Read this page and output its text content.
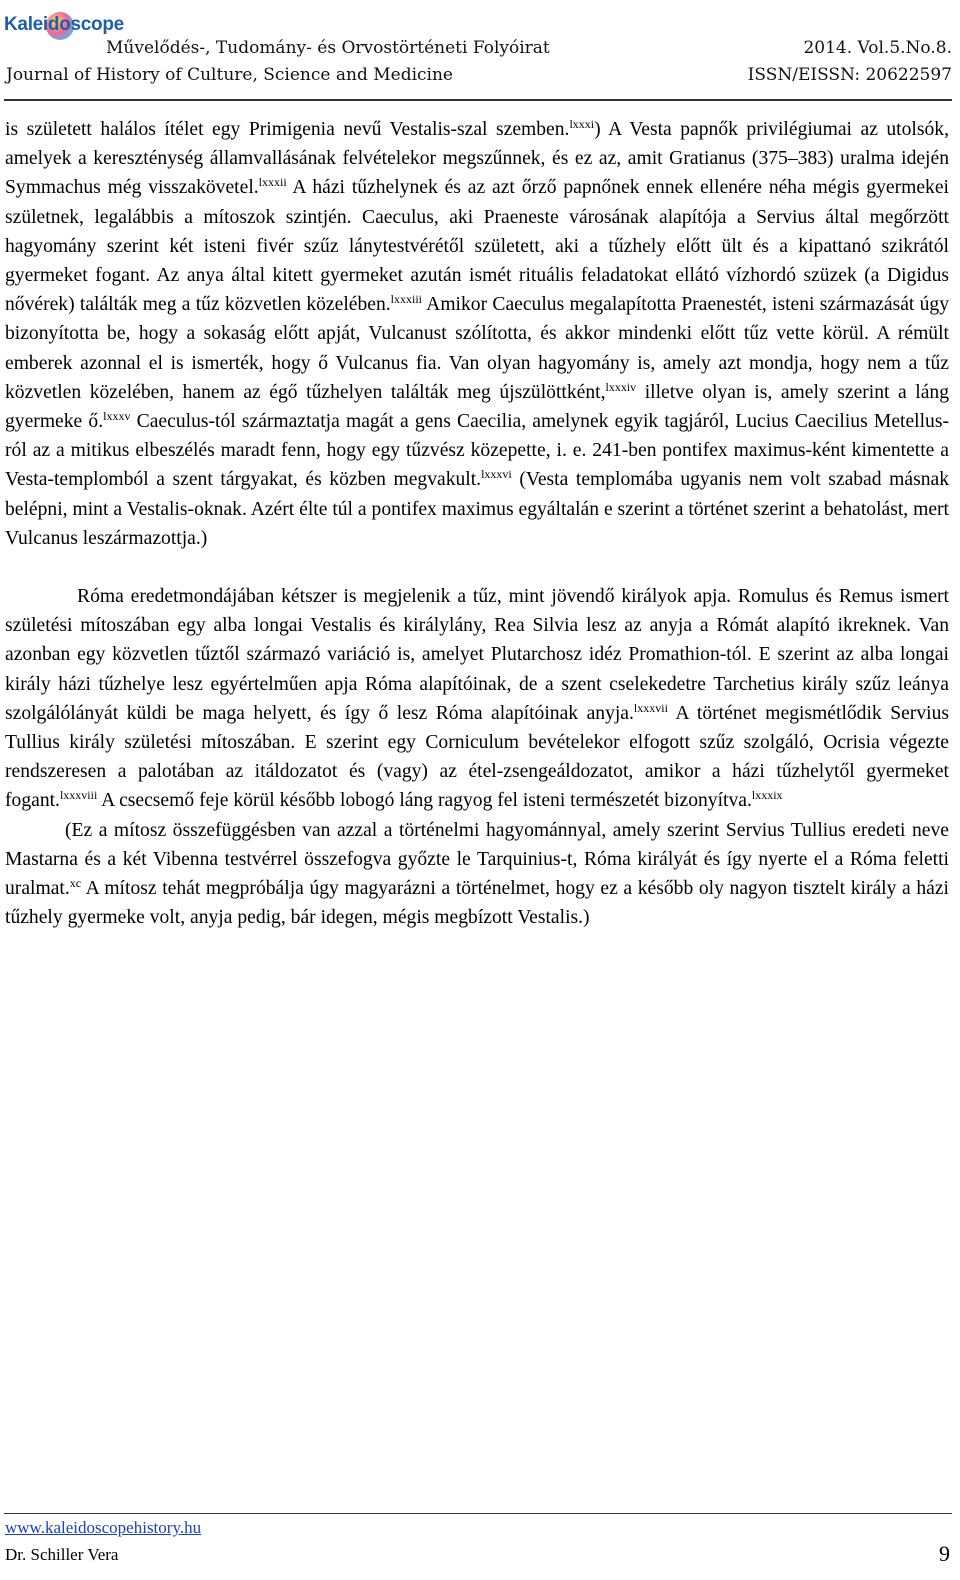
Kaleidoscope
Művelődés-, Tudomány- és Orvostörténeti Folyóirat
Journal of History of Culture, Science and Medicine
2014. Vol.5.No.8.
ISSN/EISSN: 20622597

is született halálos ítélet egy Primigenia nevű Vestalis-szal szemben.$^{lxxxi}$) A Vesta papnők privilégiumai az utolsók, amelyek a kereszténység államvallásának felvételekor megszűnnek, és ez az, amit Gratianus (375–383) uralma idején Symmachus még visszakövetel.$^{lxxxii}$ A házi tűzhelynek és az azt őrző papnőnek ennek ellenére néha mégis gyermekei születnek, legalábbis a mítoszok szintjén. Caeculus, aki Praeneste városának alapítója a Servius által megőrzött hagyomány szerint két isteni fivér szűz lánytestvérétől született, aki a tűzhely előtt ült és a kipattanó szikrától gyermeket fogant. Az anya által kitett gyermeket azután ismét rituális feladatokat ellátó vízhordó szüzek (a Digidus nővérek) találták meg a tűz közvetlen közelében.$^{lxxxiii}$ Amikor Caeculus megalapította Praenestét, isteni származását úgy bizonyította be, hogy a sokaság előtt apját, Vulcanust szólította, és akkor mindenki előtt tűz vette körül. A rémült emberek azonnal el is ismerték, hogy ő Vulcanus fia. Van olyan hagyomány is, amely azt mondja, hogy nem a tűz közvetlen közelében, hanem az égő tűzhelyen találták meg újszülöttként,$^{lxxxiv}$ illetve olyan is, amely szerint a láng gyermeke ő.$^{lxxxv}$ Caeculus-tól származtatja magát a gens Caecilia, amelynek egyik tagjáról, Lucius Caecilius Metellus-ról az a mitikus elbeszélés maradt fenn, hogy egy tűzvész közepette, i. e. 241-ben pontifex maximus-ként kimentette a Vesta-templomból a szent tárgyakat, és közben megvakult.$^{lxxxvi}$ (Vesta templomába ugyanis nem volt szabad másnak belépni, mint a Vestalis-oknak. Azért élte túl a pontifex maximus egyáltalán e szerint a történet szerint a behatolást, mert Vulcanus leszármazottja.)

Róma eredetmondájában kétszer is megjelenik a tűz, mint jövendő királyok apja. Romulus és Remus ismert születési mítoszában egy alba longai Vestalis és királylány, Rea Silvia lesz az anyja a Rómát alapító ikreknek. Van azonban egy közvetlen tűztől származó variáció is, amelyet Plutarchosz idéz Promathion-tól. E szerint az alba longai király házi tűzhelye lesz egyértelműen apja Róma alapítóinak, de a szent cselekedetre Tarchetius király szűz leánya szolgálólányát küldi be maga helyett, és így ő lesz Róma alapítóinak anyja.$^{lxxxvii}$ A történet megismétlődik Servius Tullius király születési mítoszában. E szerint egy Corniculum bevételekor elfogott szűz szolgáló, Ocrisia végezte rendszeresen a palotában az itáldozatot és (vagy) az étel-zsengeáldozatot, amikor a házi tűzhelytől gyermeket fogant.$^{lxxxviii}$ A csecsemő feje körül később lobogó láng ragyog fel isteni természetét bizonyítva.$^{lxxxix}$

(Ez a mítosz összefüggésben van azzal a történelmi hagyománnyal, amely szerint Servius Tullius eredeti neve Mastarna és a két Vibenna testvérrel összefogva győzte le Tarquinius-t, Róma királyát és így nyerte el a Róma feletti uralmat.$^{xc}$ A mítosz tehát megpróbálja úgy magyarázni a történelmet, hogy ez a később oly nagyon tisztelt király a házi tűzhely gyermeke volt, anyja pedig, bár idegen, mégis megbízott Vestalis.)

www.kaleidoscopehistory.hu
Dr. Schiller Vera	9
